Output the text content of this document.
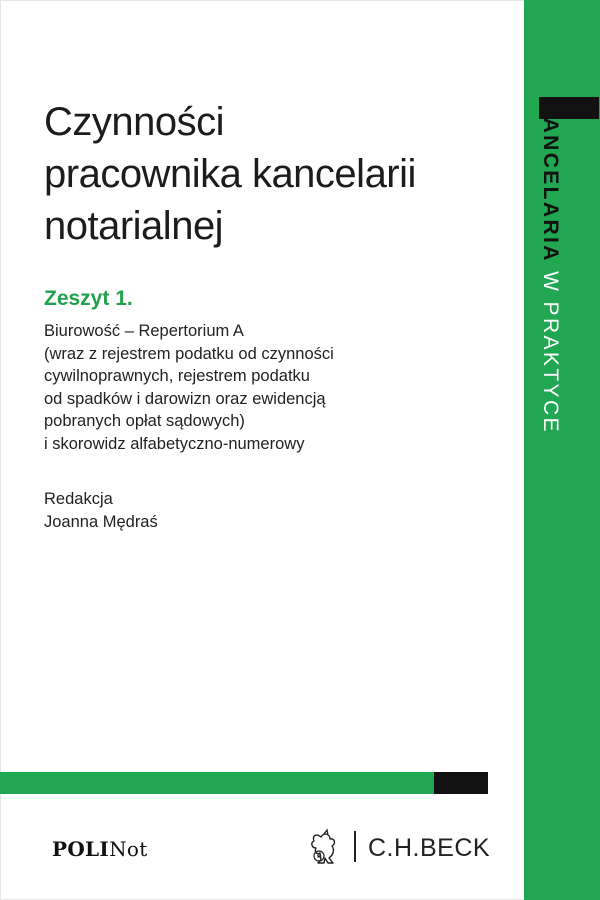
Czynności
pracownika kancelarii
notarialnej
Zeszyt 1.
Biurowość – Repertorium A
(wraz z rejestrem podatku od czynności
cywilnoprawnych, rejestrem podatku
od spadków i darowizn oraz ewidencją
pobranych opłat sądowych)
i skorowidz alfabetyczno-numerowy
Redakcja
Joanna Mędraś
KANCELARIA W PRAKTYCE
POLINot	C.H.BECK
